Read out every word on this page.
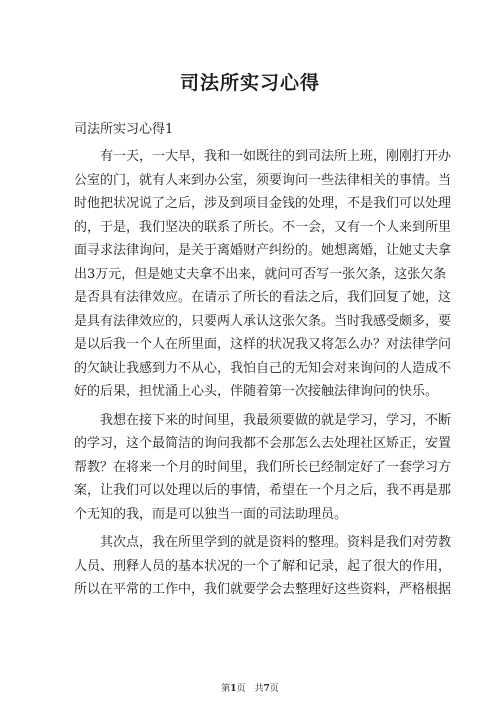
司法所实习心得
司法所实习心得1

有一天，一大早，我和一如既往的到司法所上班，刚刚打开办
公室的门，就有人来到办公室，须要询问一些法律相关的事情。当
时他把状况说了之后，涉及到项目金钱的处理，不是我们可以处理
的，于是，我们坚决的联系了所长。不一会，又有一个人来到所里
面寻求法律询问，是关于离婚财产纠纷的。她想离婚，让她丈夫拿
出3万元，但是她丈夫拿不出来，就问可否写一张欠条，这张欠条
是否具有法律效应。在请示了所长的看法之后，我们回复了她，这
是具有法律效应的，只要两人承认这张欠条。当时我感受颇多，要
是以后我一个人在所里面，这样的状况我又将怎么办？对法律学问
的欠缺让我感到力不从心，我怕自己的无知会对来询问的人造成不
好的后果，担忧涌上心头，伴随着第一次接触法律询问的快乐。

我想在接下来的时间里，我最须要做的就是学习，学习，不断
的学习，这个最简洁的询问我都不会那怎么去处理社区矫正，安置
帮教？在将来一个月的时间里，我们所长已经制定好了一套学习方
案，让我们可以处理以后的事情，希望在一个月之后，我不再是那
个无知的我，而是可以独当一面的司法助理员。

其次点，我在所里学到的就是资料的整理。资料是我们对劳教
人员、刑释人员的基本状况的一个了解和记录，起了很大的作用，
所以在平常的工作中，我们就要学会去整理好这些资料，严格根据

第1页　共7页
